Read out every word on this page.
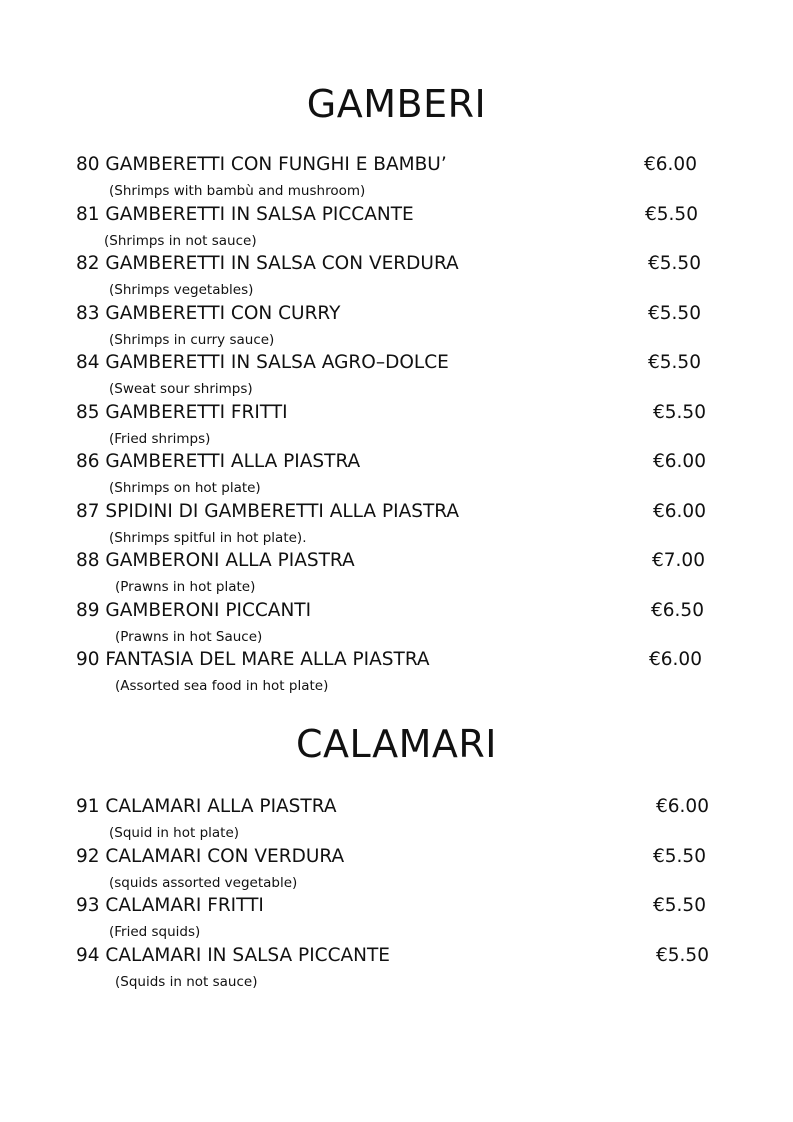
GAMBERI
80 GAMBERETTI CON FUNGHI E BAMBU’	€6.00
(Shrimps with bambù and mushroom)
81 GAMBERETTI IN SALSA PICCANTE	€5.50
(Shrimps in not sauce)
82 GAMBERETTI IN SALSA CON VERDURA	€5.50
(Shrimps vegetables)
83 GAMBERETTI CON CURRY	€5.50
(Shrimps in curry sauce)
84 GAMBERETTI IN SALSA AGRO–DOLCE	€5.50
(Sweat sour shrimps)
85 GAMBERETTI FRITTI	€5.50
(Fried shrimps)
86 GAMBERETTI ALLA PIASTRA	€6.00
(Shrimps on hot plate)
87 SPIDINI DI GAMBERETTI ALLA PIASTRA	€6.00
(Shrimps spitful in hot plate).
88 GAMBERONI ALLA PIASTRA	€7.00
(Prawns in hot plate)
89 GAMBERONI PICCANTI	€6.50
(Prawns in hot Sauce)
90 FANTASIA DEL MARE ALLA PIASTRA	€6.00
(Assorted sea food in hot plate)
CALAMARI
91 CALAMARI ALLA PIASTRA	€6.00
(Squid in hot plate)
92 CALAMARI CON VERDURA	€5.50
(squids assorted vegetable)
93 CALAMARI FRITTI	€5.50
(Fried squids)
94 CALAMARI IN SALSA PICCANTE	€5.50
(Squids in not sauce)
